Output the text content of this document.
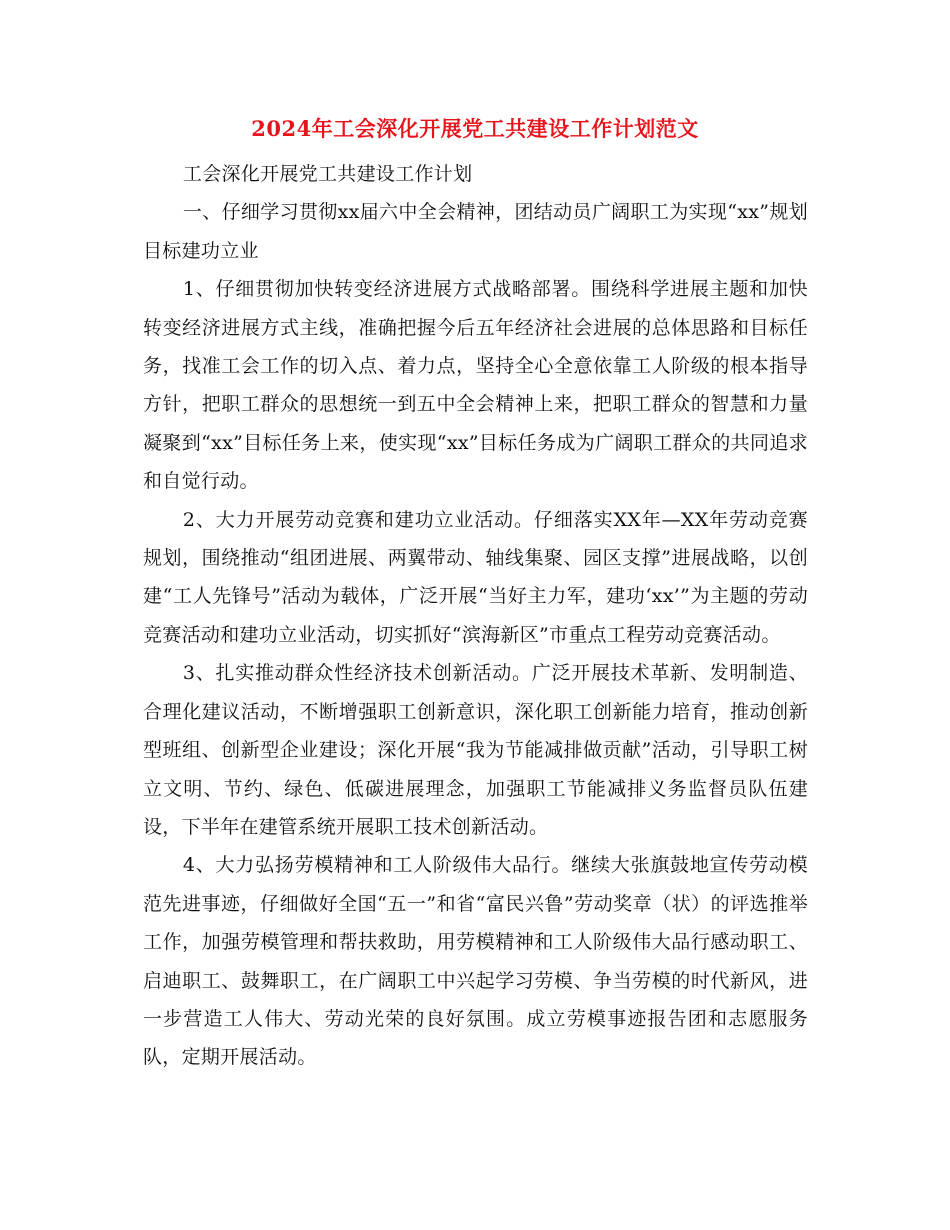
2024年工会深化开展党工共建设工作计划范文

工会深化开展党工共建设工作计划

一、仔细学习贯彻xx届六中全会精神，团结动员广阔职工为实现“xx”规划目标建功立业

1、仔细贯彻加快转变经济进展方式战略部署。围绕科学进展主题和加快转变经济进展方式主线，准确把握今后五年经济社会进展的总体思路和目标任务，找准工会工作的切入点、着力点，坚持全心全意依靠工人阶级的根本指导方针，把职工群众的思想统一到五中全会精神上来，把职工群众的智慧和力量凝聚到“xx”目标任务上来，使实现“xx”目标任务成为广阔职工群众的共同追求和自觉行动。

2、大力开展劳动竞赛和建功立业活动。仔细落实XX年—XX年劳动竞赛规划，围绕推动“组团进展、两翼带动、轴线集聚、园区支撑”进展战略，以创建“工人先锋号”活动为载体，广泛开展“当好主力军，建功‘xx’”为主题的劳动竞赛活动和建功立业活动，切实抓好“滨海新区”市重点工程劳动竞赛活动。

3、扎实推动群众性经济技术创新活动。广泛开展技术革新、发明制造、合理化建议活动，不断增强职工创新意识，深化职工创新能力培育，推动创新型班组、创新型企业建设；深化开展“我为节能减排做贡献”活动，引导职工树立文明、节约、绿色、低碳进展理念，加强职工节能减排义务监督员队伍建设，下半年在建管系统开展职工技术创新活动。

4、大力弘扬劳模精神和工人阶级伟大品行。继续大张旗鼓地宣传劳动模范先进事迹，仔细做好全国“五一”和省“富民兴鲁”劳动奖章（状）的评选推举工作，加强劳模管理和帮扶救助，用劳模精神和工人阶级伟大品行感动职工、启迪职工、鼓舞职工，在广阔职工中兴起学习劳模、争当劳模的时代新风，进一步营造工人伟大、劳动光荣的良好氛围。成立劳模事迹报告团和志愿服务队，定期开展活动。
